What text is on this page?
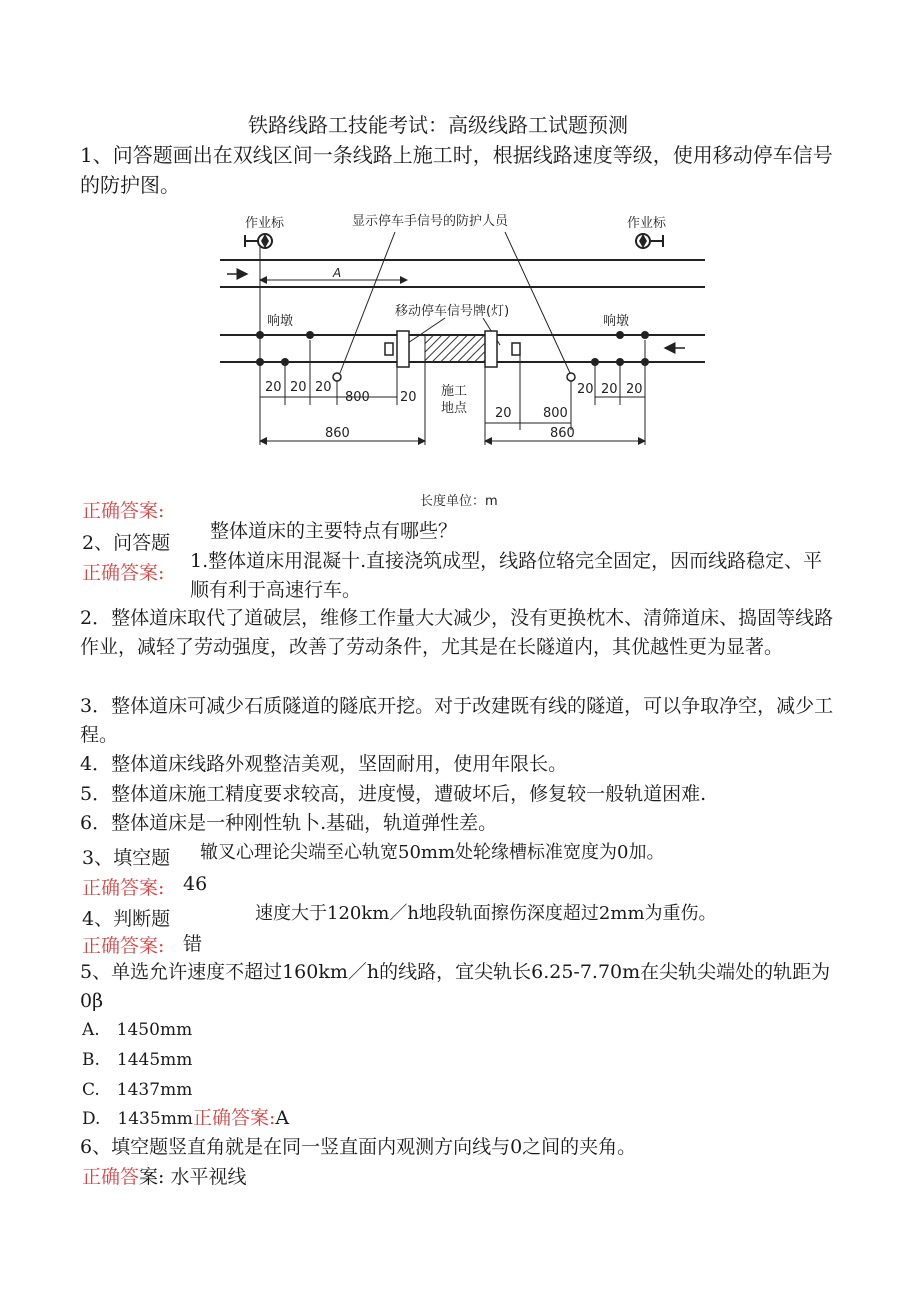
铁路线路工技能考试：高级线路工试题预测
1、问答题画出在双线区间一条线路上施工时，根据线路速度等级，使用移动停车信号的防护图。
作业标	作业标
显示停车手信号的防护人员
A
响墩	响墩
移动停车信号牌(灯)
施工
地点
20 20 20
800 20
20 800
20 20 20
860	860
长度单位：m
正确答案:
整体道床的主要特点有哪些？
2、问答题
正确答案:
1.整体道床用混凝十.直接浇筑成型，线路位辂完全固定，因而线路稳定、平顺有利于高速行车。
2．整体道床取代了道破层，维修工作量大大减少，没有更换枕木、清筛道床、捣固等线路作业，减轻了劳动强度，改善了劳动条件，尤其是在长隧道内，其优越性更为显著。
3．整体道床可减少石质隧道的隧底开挖。对于改建既有线的隧道，可以争取净空，减少工程。
4．整体道床线路外观整洁美观，坚固耐用，使用年限长。
5．整体道床施工精度要求较高，进度慢，遭破坏后，修复较一般轨道困难.
6．整体道床是一种刚性轨卜.基础，轨道弹性差。
3、填空题 辙叉心理论尖端至心轨宽50mm处轮缘槽标准宽度为0加。
正确答案: 46
4、判断题	速度大于120km／h地段轨面擦伤深度超过2mm为重伤。
正确答案: 错
5、单选允许速度不超过160km／h的线路，宜尖轨长6.25-7.70m在尖轨尖端处的轨距为0β
A.　1450mm
B.　1445mm
C.　1437mm
D.　1435mm正确答案:A
6、填空题竖直角就是在同一竖直面内观测方向线与0之间的夹角。
正确答案: 水平视线
